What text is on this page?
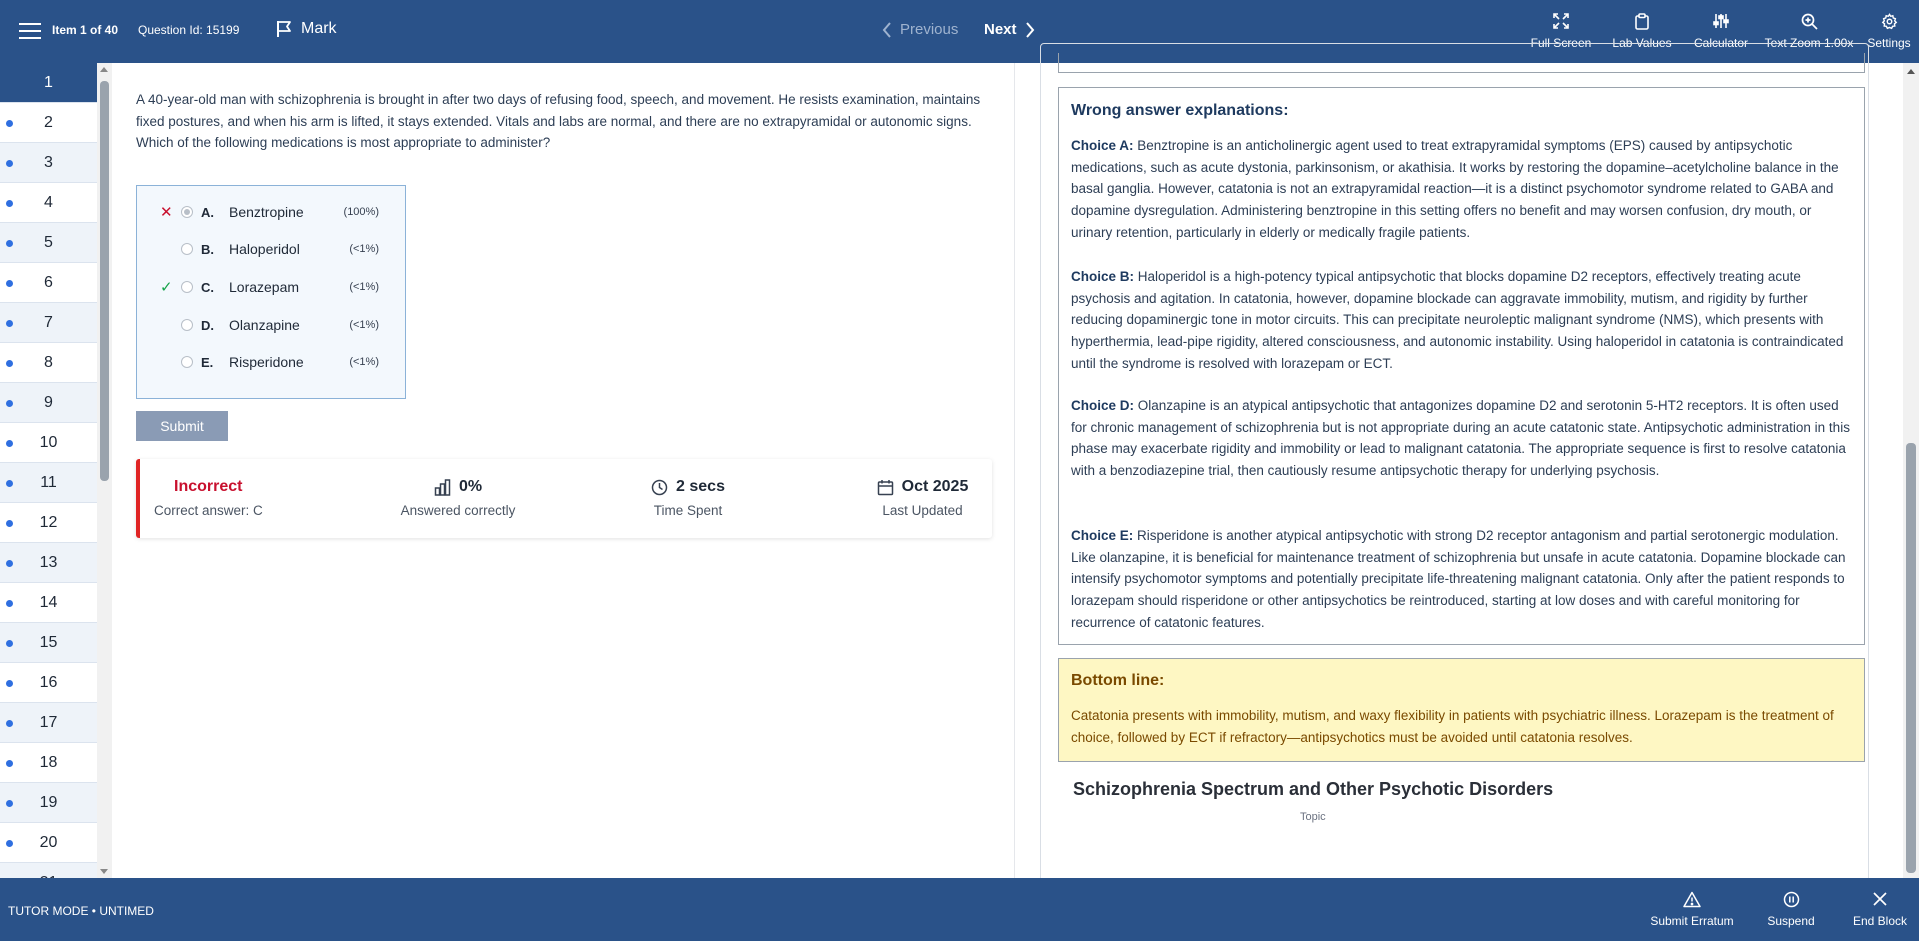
Item 1 of 40 Question Id: 15199	Mark	Previous Next
Full Screen Lab Values Calculator Text Zoom 1.00x Settings
1
2
3
4
5
6
7
8
9
10
11
12
13
14
15
16
17
18
19
20
A 40-year-old man with schizophrenia is brought in after two days of refusing food, speech, and movement. He resists examination, maintains fixed postures, and when his arm is lifted, it stays extended. Vitals and labs are normal, and there are no extrapyramidal or autonomic signs. Which of the following medications is most appropriate to administer?
✕ A. Benztropine	(100%)
B. Haloperidol	(<1%)
✓ C. Lorazepam	(<1%)
D. Olanzapine	(<1%)
E. Risperidone	(<1%)
Submit
Incorrect
Correct answer: C
0%
Answered correctly
2 secs
Time Spent
Oct 2025
Last Updated
Wrong answer explanations:
Choice A: Benztropine is an anticholinergic agent used to treat extrapyramidal symptoms (EPS) caused by antipsychotic medications, such as acute dystonia, parkinsonism, or akathisia. It works by restoring the dopamine–acetylcholine balance in the basal ganglia. However, catatonia is not an extrapyramidal reaction—it is a distinct psychomotor syndrome related to GABA and dopamine dysregulation. Administering benztropine in this setting offers no benefit and may worsen confusion, dry mouth, or urinary retention, particularly in elderly or medically fragile patients.
Choice B: Haloperidol is a high-potency typical antipsychotic that blocks dopamine D2 receptors, effectively treating acute psychosis and agitation. In catatonia, however, dopamine blockade can aggravate immobility, mutism, and rigidity by further reducing dopaminergic tone in motor circuits. This can precipitate neuroleptic malignant syndrome (NMS), which presents with hyperthermia, lead-pipe rigidity, altered consciousness, and autonomic instability. Using haloperidol in catatonia is contraindicated until the syndrome is resolved with lorazepam or ECT.
Choice D: Olanzapine is an atypical antipsychotic that antagonizes dopamine D2 and serotonin 5-HT2 receptors. It is often used for chronic management of schizophrenia but is not appropriate during an acute catatonic state. Antipsychotic administration in this phase may exacerbate rigidity and immobility or lead to malignant catatonia. The appropriate sequence is first to resolve catatonia with a benzodiazepine trial, then cautiously resume antipsychotic therapy for underlying psychosis.
Choice E: Risperidone is another atypical antipsychotic with strong D2 receptor antagonism and partial serotonergic modulation. Like olanzapine, it is beneficial for maintenance treatment of schizophrenia but unsafe in acute catatonia. Dopamine blockade can intensify psychomotor symptoms and potentially precipitate life-threatening malignant catatonia. Only after the patient responds to lorazepam should risperidone or other antipsychotics be reintroduced, starting at low doses and with careful monitoring for recurrence of catatonic features.
Bottom line:
Catatonia presents with immobility, mutism, and waxy flexibility in patients with psychiatric illness. Lorazepam is the treatment of choice, followed by ECT if refractory—antipsychotics must be avoided until catatonia resolves.
Schizophrenia Spectrum and Other Psychotic Disorders
Topic
TUTOR MODE • UNTIMED
Submit Erratum	Suspend	End Block
